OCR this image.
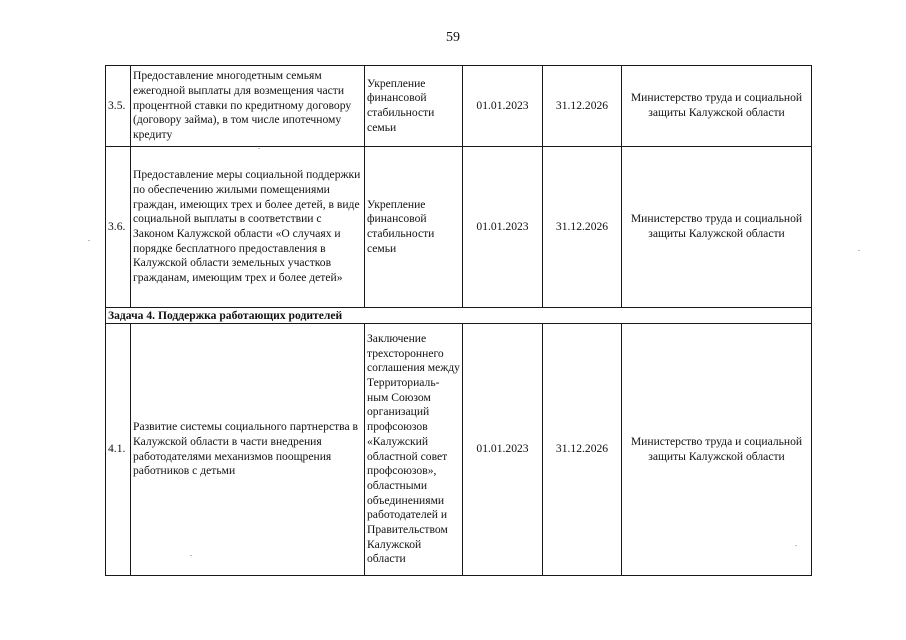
59
3.5.	Предоставление многодетным семьям ежегодной выплаты для возмещения части процентной ставки по кредитному договору (договору займа), в том числе ипотечному кредиту	Укрепление финансовой стабильности семьи	01.01.2023	31.12.2026	Министерство труда и социальной защиты Калужской области
3.6.	Предоставление меры социальной поддержки по обеспечению жилыми помещениями граждан, имеющих трех и более детей, в виде социальной выплаты в соответствии с Законом Калужской области «О случаях и порядке бесплатного предоставления в Калужской области земельных участков гражданам, имеющим трех и более детей»	Укрепление финансовой стабильности семьи	01.01.2023	31.12.2026	Министерство труда и социальной защиты Калужской области
Задача 4. Поддержка работающих родителей					
4.1.	Развитие системы социального партнерства в Калужской области в части внедрения работодателями механизмов поощрения работников с детьми	Заключение трехстороннего соглашения между Территориаль-ным Союзом организаций профсоюзов «Калужский областной совет профсоюзов», областными объединениями работодателей и Правительством Калужской области	01.01.2023	31.12.2026	Министерство труда и социальной защиты Калужской области
